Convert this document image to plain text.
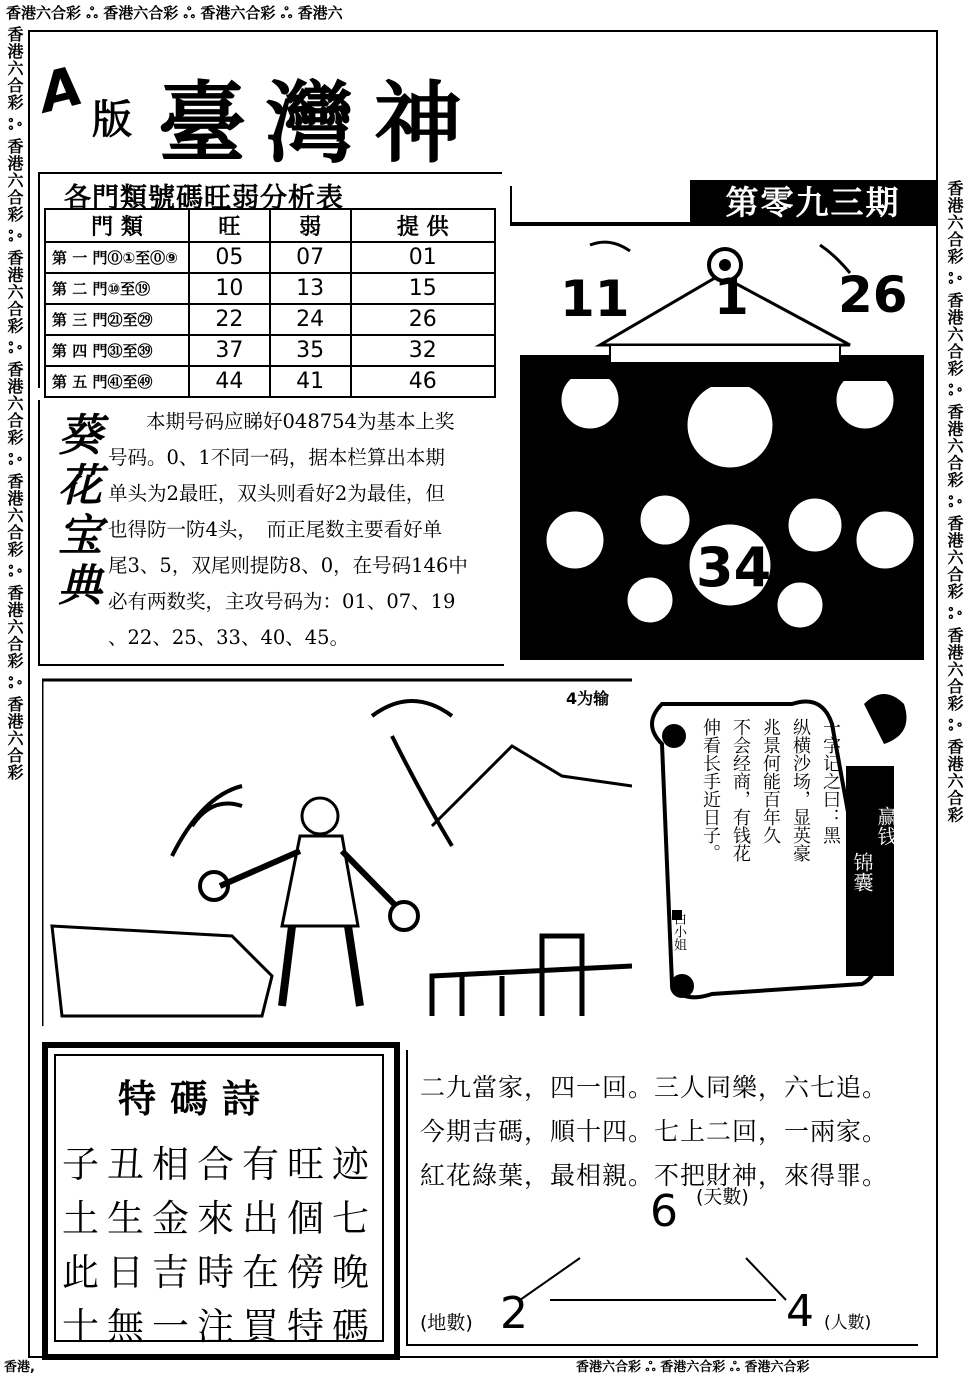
香港六合彩 ஃ 香港六合彩 ஃ 香港六合彩 ஃ 香港六
香港六合彩 ஃ 香港六合彩 ஃ 香港六合彩 ஃ 香港六合彩 ஃ 香港六合彩 ஃ 香港六合彩 ஃ 香港六合彩	香港六合彩 ஃ 香港六合彩 ஃ 香港六合彩 ஃ 香港六合彩 ஃ 香港六合彩 ஃ 香港六合彩
香港,	香港六合彩 ஃ 香港六合彩 ஃ 香港六合彩
A 版 臺灣神
各門類號碼旺弱分析表
門 類	旺	弱	提 供
第 一 門⓪①至⓪⑨	05	07	01
第 二 門⑩至⑲	10	13	15
第 三 門㉑至㉙	22	24	26
第 四 門㉛至㊴	37	35	32
第 五 門㊶至㊾	44	41	46
第零九三期
11 1 26
34
葵花宝典	本期号码应睇好048754为基本上奖

号码。0、1不同一码，据本栏算出本期

单头为2最旺，双头则看好2为最佳，但

也得防一防4头，　而正尾数主要看好单

尾3、5，双尾则提防8、0，在号码146中

必有两数奖，主攻号码为：01、07、19

、22、25、33、40、45。

4为输
赢钱
锦囊
一字记之曰：黑
纵横沙场，显英豪
兆景何能百年久
不会经商，有钱花
伸看长手近日子。
白小姐
特碼詩
子丑相合有旺迹
土生金來出個七
此日吉時在傍晚
十無一注買特碼
二九當家，四一回。三人同樂，六七追。
今期吉碼，順十四。七上二回，一兩家。
紅花綠葉，最相親。不把財神，來得罪。
6 (天數)
2
(地數)	4 (人數)
